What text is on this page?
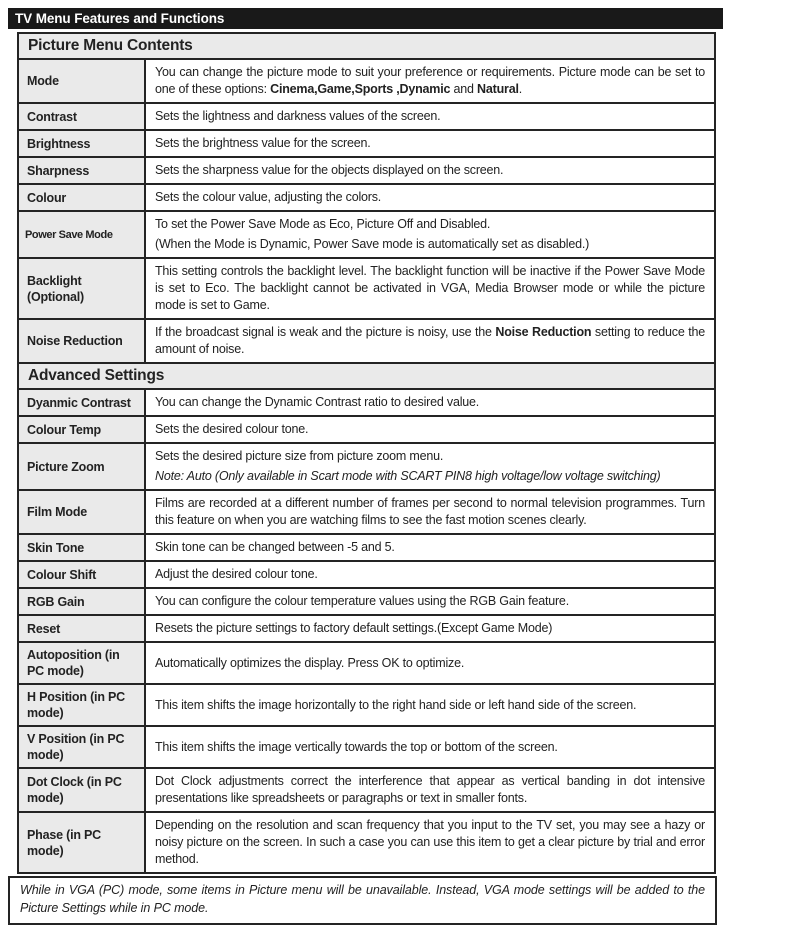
TV Menu Features and Functions
Picture Menu Contents	
Mode	You can change the picture mode to suit your preference or requirements. Picture mode can be set to one of these options: Cinema,Game,Sports ,Dynamic and Natural.

Contrast	Sets the lightness and darkness values of the screen.

Brightness	Sets the brightness value for the screen.

Sharpness	Sets the sharpness value for the objects displayed on the screen.

Colour	Sets the colour value, adjusting the colors.

Power Save Mode	To set the Power Save Mode as Eco, Picture Off and Disabled.

(When the Mode is Dynamic, Power Save mode is automatically set as disabled.)

Backlight (Optional)	This setting controls the backlight level. The backlight function will be inactive if the Power Save Mode is set to Eco. The backlight cannot be activated in VGA, Media Browser mode or while the picture mode is set to Game.

Noise Reduction	If the broadcast signal is weak and the picture is noisy, use the Noise Reduction setting to reduce the amount of noise.

Advanced Settings	
Dyanmic Contrast	You can change the Dynamic Contrast ratio to desired value.

Colour Temp	Sets the desired colour tone.

Picture Zoom	Sets the desired picture size from picture zoom menu.

Note: Auto (Only available in Scart mode with SCART PIN8 high voltage/low voltage switching)

Film Mode	Films are recorded at a different number of frames per second to normal television programmes. Turn this feature on when you are watching films to see the fast motion scenes clearly.

Skin Tone	Skin tone can be changed between -5 and 5.

Colour Shift	Adjust the desired colour tone.

RGB Gain	You can configure the colour temperature values using the RGB Gain feature.

Reset	Resets the picture settings to factory default settings.(Except Game Mode)

Autoposition (in PC mode)	Automatically optimizes the display. Press OK to optimize.

H Position (in PC mode)	This item shifts the image horizontally to the right hand side or left hand side of the screen.

V Position (in PC mode)	This item shifts the image vertically towards the top or bottom of the screen.

Dot Clock (in PC mode)	Dot Clock adjustments correct the interference that appear as vertical banding in dot intensive presentations like spreadsheets or paragraphs or text in smaller fonts.

Phase (in PC mode)	Depending on the resolution and scan frequency that you input to the TV set, you may see a hazy or noisy picture on the screen. In such a case you can use this item to get a clear picture by trial and error method.

While in VGA (PC) mode, some items in Picture menu will be unavailable. Instead, VGA mode settings will be added to the Picture Settings while in PC mode.
